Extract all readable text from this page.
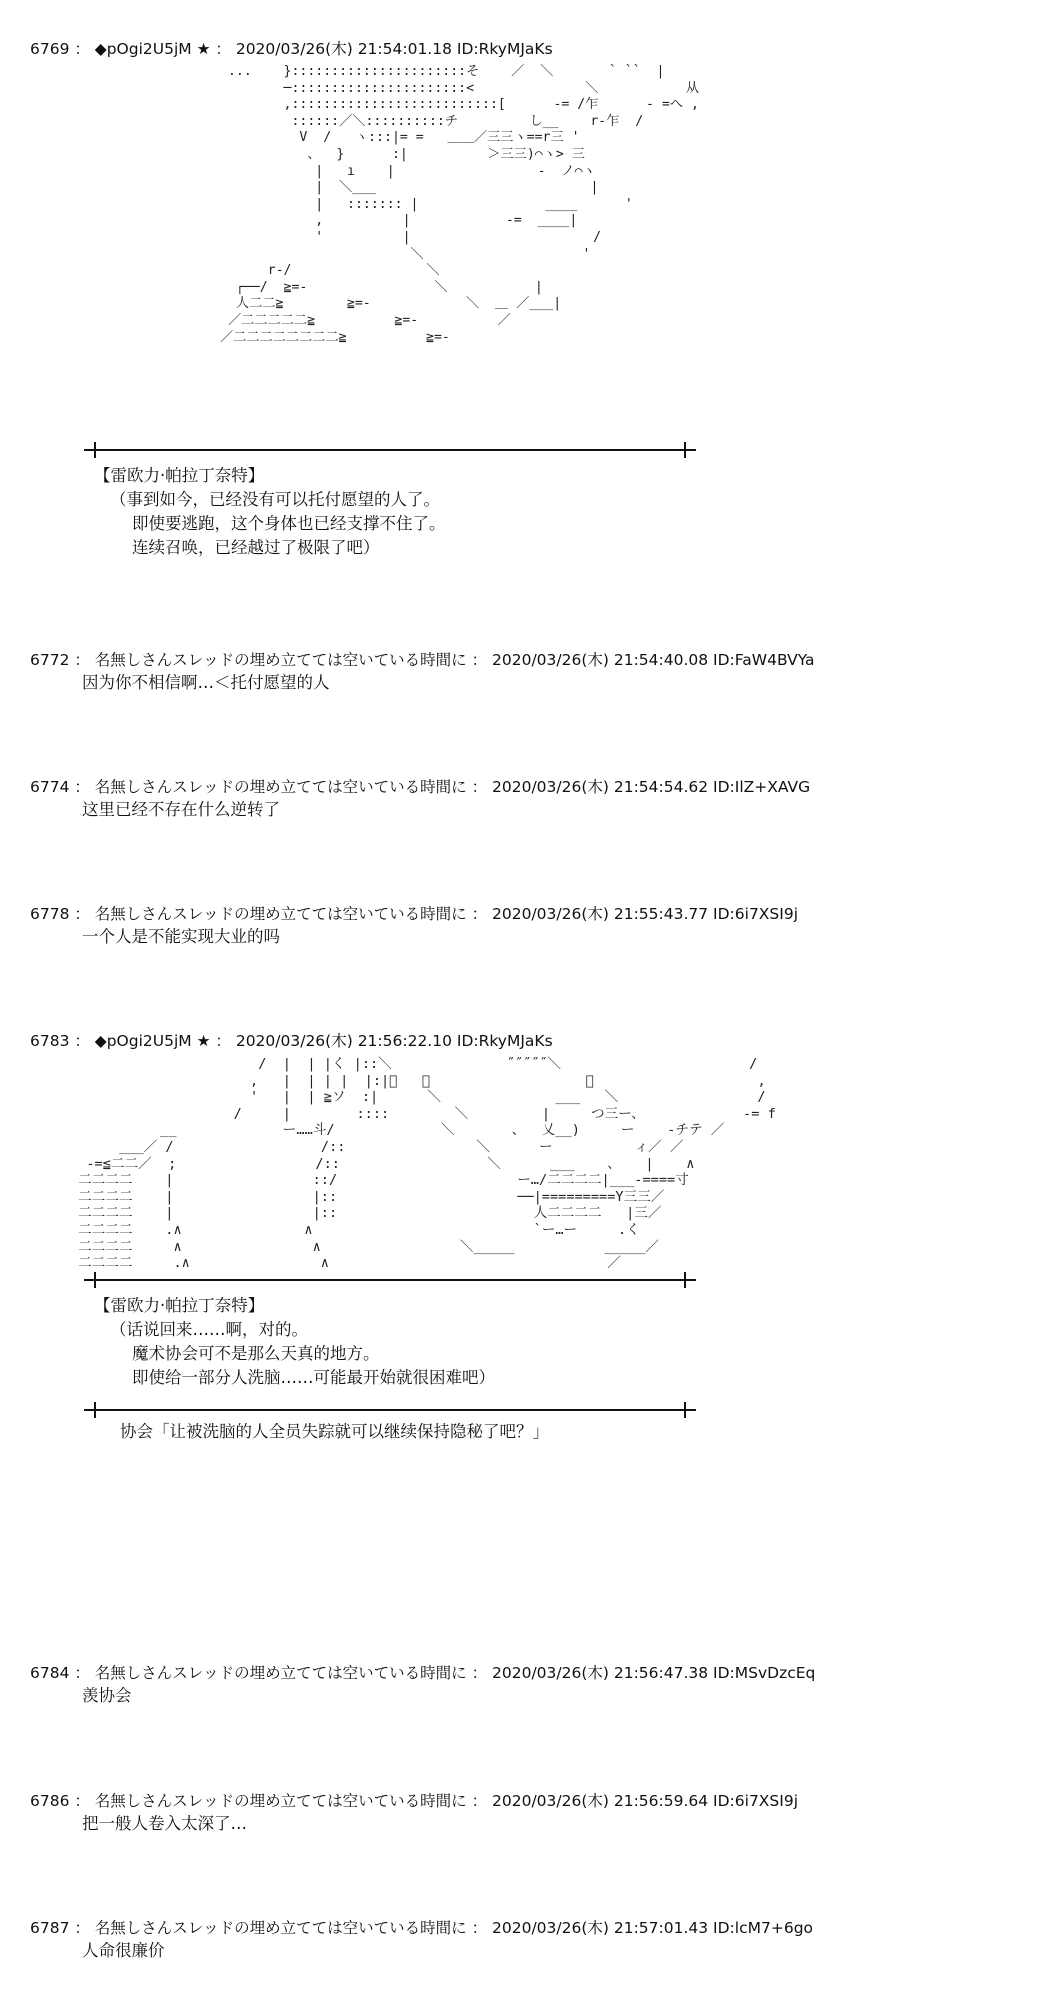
6769 ： ◆pOgi2U5jM ★ ： 2020/03/26(木) 21:54:01.18 ID:RkyMJaKs
...    }::::::::::::::::::::::そ    ／  ＼       ` ``  |
─::::::::::::::::::::::<              ＼           从
,::::::::::::::::::::::::::[      -= /乍      - =へ ,
::::::／＼::::::::::チ         し__    r-乍  /
V  /   ヽ:::|= =   ＿＿／三三ヽ==r三 '
、  }      :|          ＞三三)⌒ヽ> 三
|   ı    |                  -  ノ⌒ヽ
|  ＼___                           |
|   ::::::: |                ____      '
,          |            -=  ____|
'          |                       /
＼                    '
r-/                 ＼
┌──/  ≧=-                ＼           |
人二二≧        ≧=-            ＼  ＿ ／___|
／二二二二二≧          ≧=-          ／
／二二二二二二二二≧          ≧=-
【雷欧力·帕拉丁奈特】
（事到如今，已经没有可以托付愿望的人了。
即使要逃跑，这个身体也已经支撑不住了。
连续召唤，已经越过了极限了吧）
6772 ： 名無しさんスレッドの埋め立てては空いている時間に ： 2020/03/26(木) 21:54:40.08 ID:FaW4BVYa
因为你不相信啊…＜托付愿望的人
6774 ： 名無しさんスレッドの埋め立てては空いている時間に ： 2020/03/26(木) 21:54:54.62 ID:IlZ+XAVG
这里已经不存在什么逆转了
6778 ： 名無しさんスレッドの埋め立てては空いている時間に ： 2020/03/26(木) 21:55:43.77 ID:6i7XSI9j
一个人是不能实现大业的吗
6783 ： ◆pOgi2U5jM ★ ： 2020/03/26(木) 21:56:22.10 ID:RkyMJaKs
/  |  | |く |::＼              ˝˝˝˝˝＼                       /
,   |  | | |  |:|ﾞ   ＼                   ＼                    ,
'   |  | ≧ソ  :|      ＼              ___   ＼                 /
/     |        ::::        ＼         |     つ三ー、            -= f
__             ー……斗/             ＼       、  乂__)     ー    -チテ ／
___／ /                  /::                ＼      ー          ィ／ ／
-=≦二二／  ;                 /::                  ＼      ___    、   |    ∧
二二二二    |                 ::/                      ー…/二二二二|___-====寸
二二二二    |                 |::                      ──|=========Y三三／
二二二二    |                 |::                        人二二二二   |三／
二二二二    .∧               ∧                           `ー…ー     .く
二二二二     ∧                ∧                 ＼_____           _____／
二二二二     .∧                ∧                                  ／
【雷欧力·帕拉丁奈特】
（话说回来……啊，对的。
魔术协会可不是那么天真的地方。
即使给一部分人洗脑……可能最开始就很困难吧）
协会「让被洗脑的人全员失踪就可以继续保持隐秘了吧？」
6784 ： 名無しさんスレッドの埋め立てては空いている時間に ： 2020/03/26(木) 21:56:47.38 ID:MSvDzcEq
羡协会
6786 ： 名無しさんスレッドの埋め立てては空いている時間に ： 2020/03/26(木) 21:56:59.64 ID:6i7XSI9j
把一般人卷入太深了…
6787 ： 名無しさんスレッドの埋め立てては空いている時間に ： 2020/03/26(木) 21:57:01.43 ID:lcM7+6go
人命很廉价
